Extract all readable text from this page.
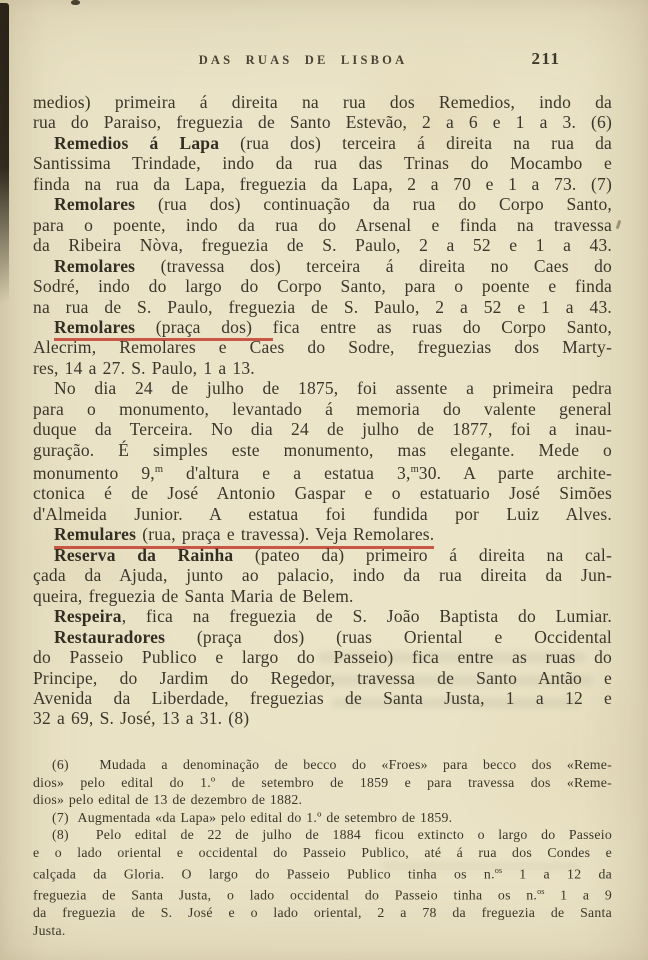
DAS RUAS DE LISBOA	211
medios) primeira á direita na rua dos Remedios, indo da
rua do Paraiso, freguezia de Santo Estevão, 2 a 6 e 1 a 3. (6)
Remedios á Lapa (rua dos) terceira á direita na rua da
Santissima Trindade, indo da rua das Trinas do Mocambo e
finda na rua da Lapa, freguezia da Lapa, 2 a 70 e 1 a 73. (7)
Remolares (rua dos) continuação da rua do Corpo Santo,
para o poente, indo da rua do Arsenal e finda na travessa
da Ribeira Nòva, freguezia de S. Paulo, 2 a 52 e 1 a 43.
Remolares (travessa dos) terceira á direita no Caes do
Sodré, indo do largo do Corpo Santo, para o poente e finda
na rua de S. Paulo, freguezia de S. Paulo, 2 a 52 e 1 a 43.
Remolares (praça dos) fica entre as ruas do Corpo Santo,
Alecrim, Remolares e Caes do Sodre, freguezias dos Marty-
res, 14 a 27. S. Paulo, 1 a 13.
No dia 24 de julho de 1875, foi assente a primeira pedra
para o monumento, levantado á memoria do valente general
duque da Terceira. No dia 24 de julho de 1877, foi a inau-
guração. É simples este monumento, mas elegante. Mede o
monumento 9,$^m$ d'altura e a estatua 3,$^m$30. A parte archite-
ctonica é de José Antonio Gaspar e o estatuario José Simões
d'Almeida Junior. A estatua foi fundida por Luiz Alves.
Remulares (rua, praça e travessa). Veja Remolares.
Reserva da Rainha (pateo da) primeiro á direita na cal-
çada da Ajuda, junto ao palacio, indo da rua direita da Jun-
queira, freguezia de Santa Maria de Belem.
Respeira, fica na freguezia de S. João Baptista do Lumiar.
Restauradores (praça dos) (ruas Oriental e Occidental
do Passeio Publico e largo do Passeio) fica entre as ruas do
Principe, do Jardim do Regedor, travessa de Santo Antão e
Avenida da Liberdade, freguezias de Santa Justa, 1 a 12 e
32 a 69, S. José, 13 a 31. (8)
(6)  Mudada a denominação de becco do «Froes» para becco dos «Reme-
dios» pelo edital do 1.º de setembro de 1859 e para travessa dos «Reme-
dios» pelo edital de 13 de dezembro de 1882.
(7)  Augmentada «da Lapa» pelo edital do 1.º de setembro de 1859.
(8)  Pelo edital de 22 de julho de 1884 ficou extincto o largo do Passeio
e o lado oriental e occidental do Passeio Publico, até á rua dos Condes e
calçada da Gloria. O largo do Passeio Publico tinha os n.$^{os}$ 1 a 12 da
freguezia de Santa Justa, o lado occidental do Passeio tinha os n.$^{os}$ 1 a 9
da freguezia de S. José e o lado oriental, 2 a 78 da freguezia de Santa
Justa.
